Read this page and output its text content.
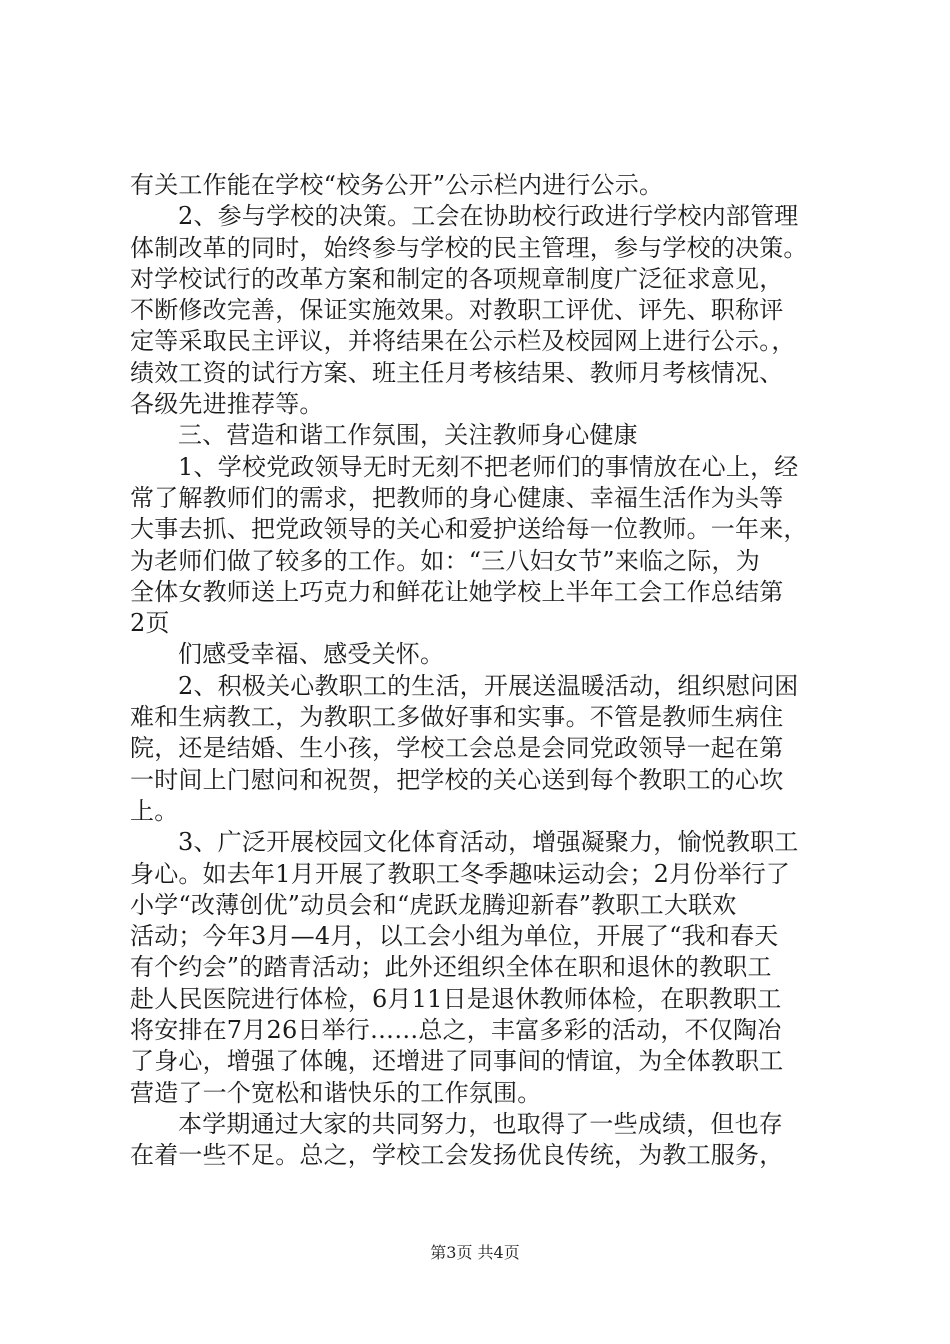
有关工作能在学校“校务公开”公示栏内进行公示。
2、参与学校的决策。工会在协助校行政进行学校内部管理
体制改革的同时，始终参与学校的民主管理，参与学校的决策。
对学校试行的改革方案和制定的各项规章制度广泛征求意见，
不断修改完善，保证实施效果。对教职工评优、评先、职称评
定等采取民主评议，并将结果在公示栏及校园网上进行公示。，
绩效工资的试行方案、班主任月考核结果、教师月考核情况、
各级先进推荐等。
三、营造和谐工作氛围，关注教师身心健康
1、学校党政领导无时无刻不把老师们的事情放在心上，经
常了解教师们的需求，把教师的身心健康、幸福生活作为头等
大事去抓、把党政领导的关心和爱护送给每一位教师。一年来，
为老师们做了较多的工作。如：“三八妇女节”来临之际，为
全体女教师送上巧克力和鲜花让她学校上半年工会工作总结第
2页
们感受幸福、感受关怀。
2、积极关心教职工的生活，开展送温暖活动，组织慰问困
难和生病教工，为教职工多做好事和实事。不管是教师生病住
院，还是结婚、生小孩，学校工会总是会同党政领导一起在第
一时间上门慰问和祝贺，把学校的关心送到每个教职工的心坎
上。
3、广泛开展校园文化体育活动，增强凝聚力，愉悦教职工
身心。如去年1月开展了教职工冬季趣味运动会；2月份举行了
小学“改薄创优”动员会和“虎跃龙腾迎新春”教职工大联欢
活动；今年3月—4月，以工会小组为单位，开展了“我和春天
有个约会”的踏青活动；此外还组织全体在职和退休的教职工
赴人民医院进行体检，6月11日是退休教师体检，在职教职工
将安排在7月26日举行……总之，丰富多彩的活动，不仅陶冶
了身心，增强了体魄，还增进了同事间的情谊，为全体教职工
营造了一个宽松和谐快乐的工作氛围。
本学期通过大家的共同努力，也取得了一些成绩，但也存
在着一些不足。总之，学校工会发扬优良传统，为教工服务，
第3页 共4页
